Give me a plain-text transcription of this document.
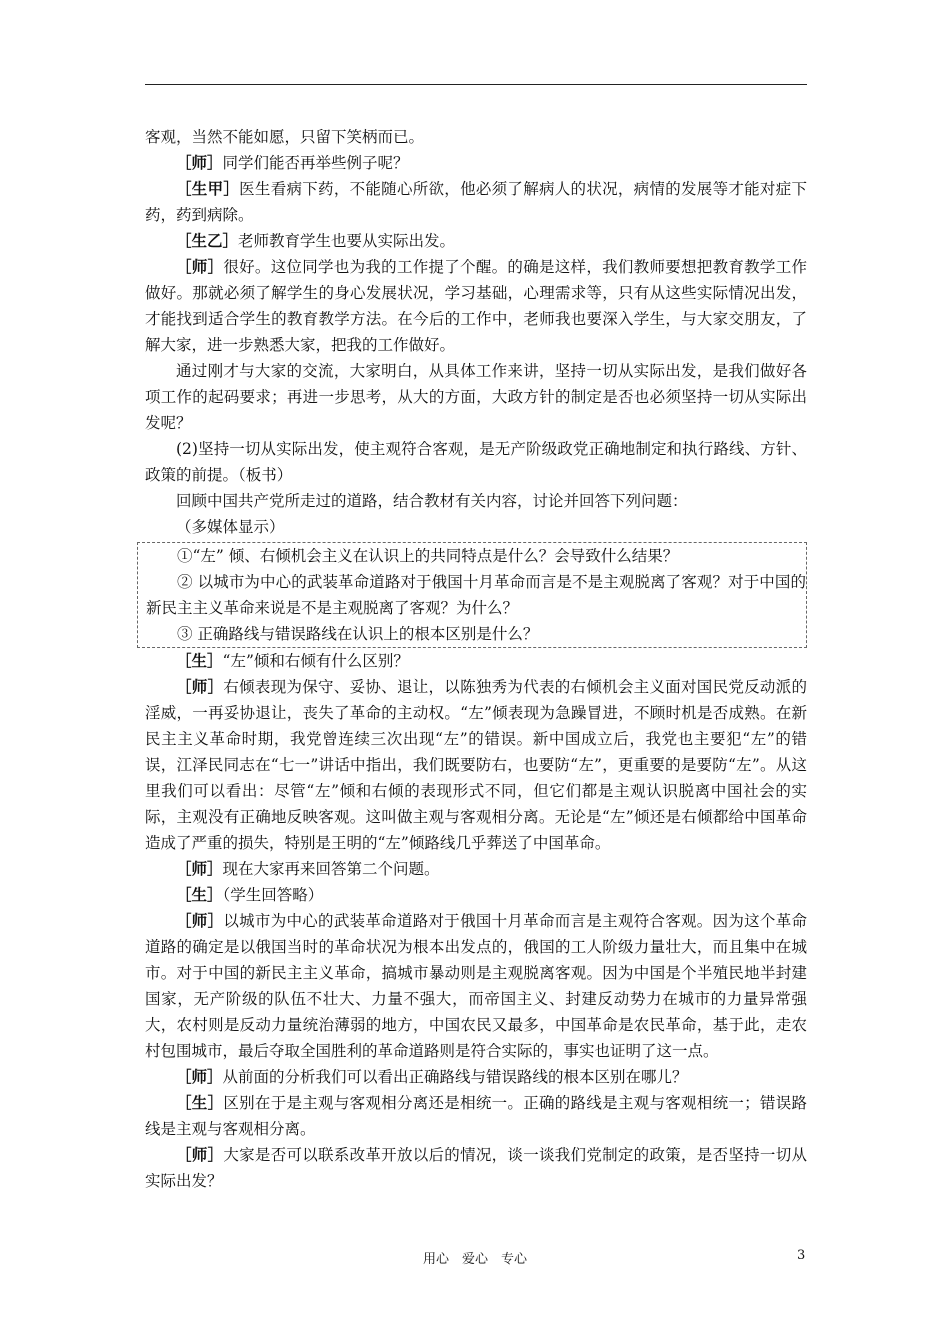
客观，当然不能如愿，只留下笑柄而已。

［师］同学们能否再举些例子呢？

［生甲］医生看病下药，不能随心所欲，他必须了解病人的状况，病情的发展等才能对症下药，药到病除。

［生乙］老师教育学生也要从实际出发。

［师］很好。这位同学也为我的工作提了个醒。的确是这样，我们教师要想把教育教学工作做好。那就必须了解学生的身心发展状况，学习基础，心理需求等，只有从这些实际情况出发，才能找到适合学生的教育教学方法。在今后的工作中，老师我也要深入学生，与大家交朋友，了解大家，进一步熟悉大家，把我的工作做好。

通过刚才与大家的交流，大家明白，从具体工作来讲，坚持一切从实际出发，是我们做好各项工作的起码要求；再进一步思考，从大的方面，大政方针的制定是否也必须坚持一切从实际出发呢？

(2)坚持一切从实际出发，使主观符合客观，是无产阶级政党正确地制定和执行路线、方针、政策的前提。（板书）

回顾中国共产党所走过的道路，结合教材有关内容，讨论并回答下列问题：

（多媒体显示）

①“左” 倾、右倾机会主义在认识上的共同特点是什么？会导致什么结果？

② 以城市为中心的武装革命道路对于俄国十月革命而言是不是主观脱离了客观？对于中国的新民主主义革命来说是不是主观脱离了客观？为什么？

③ 正确路线与错误路线在认识上的根本区别是什么？

［生］“左”倾和右倾有什么区别？

［师］右倾表现为保守、妥协、退让，以陈独秀为代表的右倾机会主义面对国民党反动派的淫威，一再妥协退让，丧失了革命的主动权。“左”倾表现为急躁冒进，不顾时机是否成熟。在新民主主义革命时期，我党曾连续三次出现“左”的错误。新中国成立后，我党也主要犯“左”的错误，江泽民同志在“七一”讲话中指出，我们既要防右，也要防“左”，更重要的是要防“左”。从这里我们可以看出：尽管“左”倾和右倾的表现形式不同，但它们都是主观认识脱离中国社会的实际，主观没有正确地反映客观。这叫做主观与客观相分离。无论是“左”倾还是右倾都给中国革命造成了严重的损失，特别是王明的“左”倾路线几乎葬送了中国革命。

［师］现在大家再来回答第二个问题。

［生］（学生回答略）

［师］以城市为中心的武装革命道路对于俄国十月革命而言是主观符合客观。因为这个革命道路的确定是以俄国当时的革命状况为根本出发点的，俄国的工人阶级力量壮大，而且集中在城市。对于中国的新民主主义革命，搞城市暴动则是主观脱离客观。因为中国是个半殖民地半封建国家，无产阶级的队伍不壮大、力量不强大，而帝国主义、封建反动势力在城市的力量异常强大，农村则是反动力量统治薄弱的地方，中国农民又最多，中国革命是农民革命，基于此，走农村包围城市，最后夺取全国胜利的革命道路则是符合实际的，事实也证明了这一点。

［师］从前面的分析我们可以看出正确路线与错误路线的根本区别在哪儿？

［生］区别在于是主观与客观相分离还是相统一。正确的路线是主观与客观相统一；错误路线是主观与客观相分离。

［师］大家是否可以联系改革开放以后的情况，谈一谈我们党制定的政策，是否坚持一切从实际出发？

用心　爱心　专心	3
